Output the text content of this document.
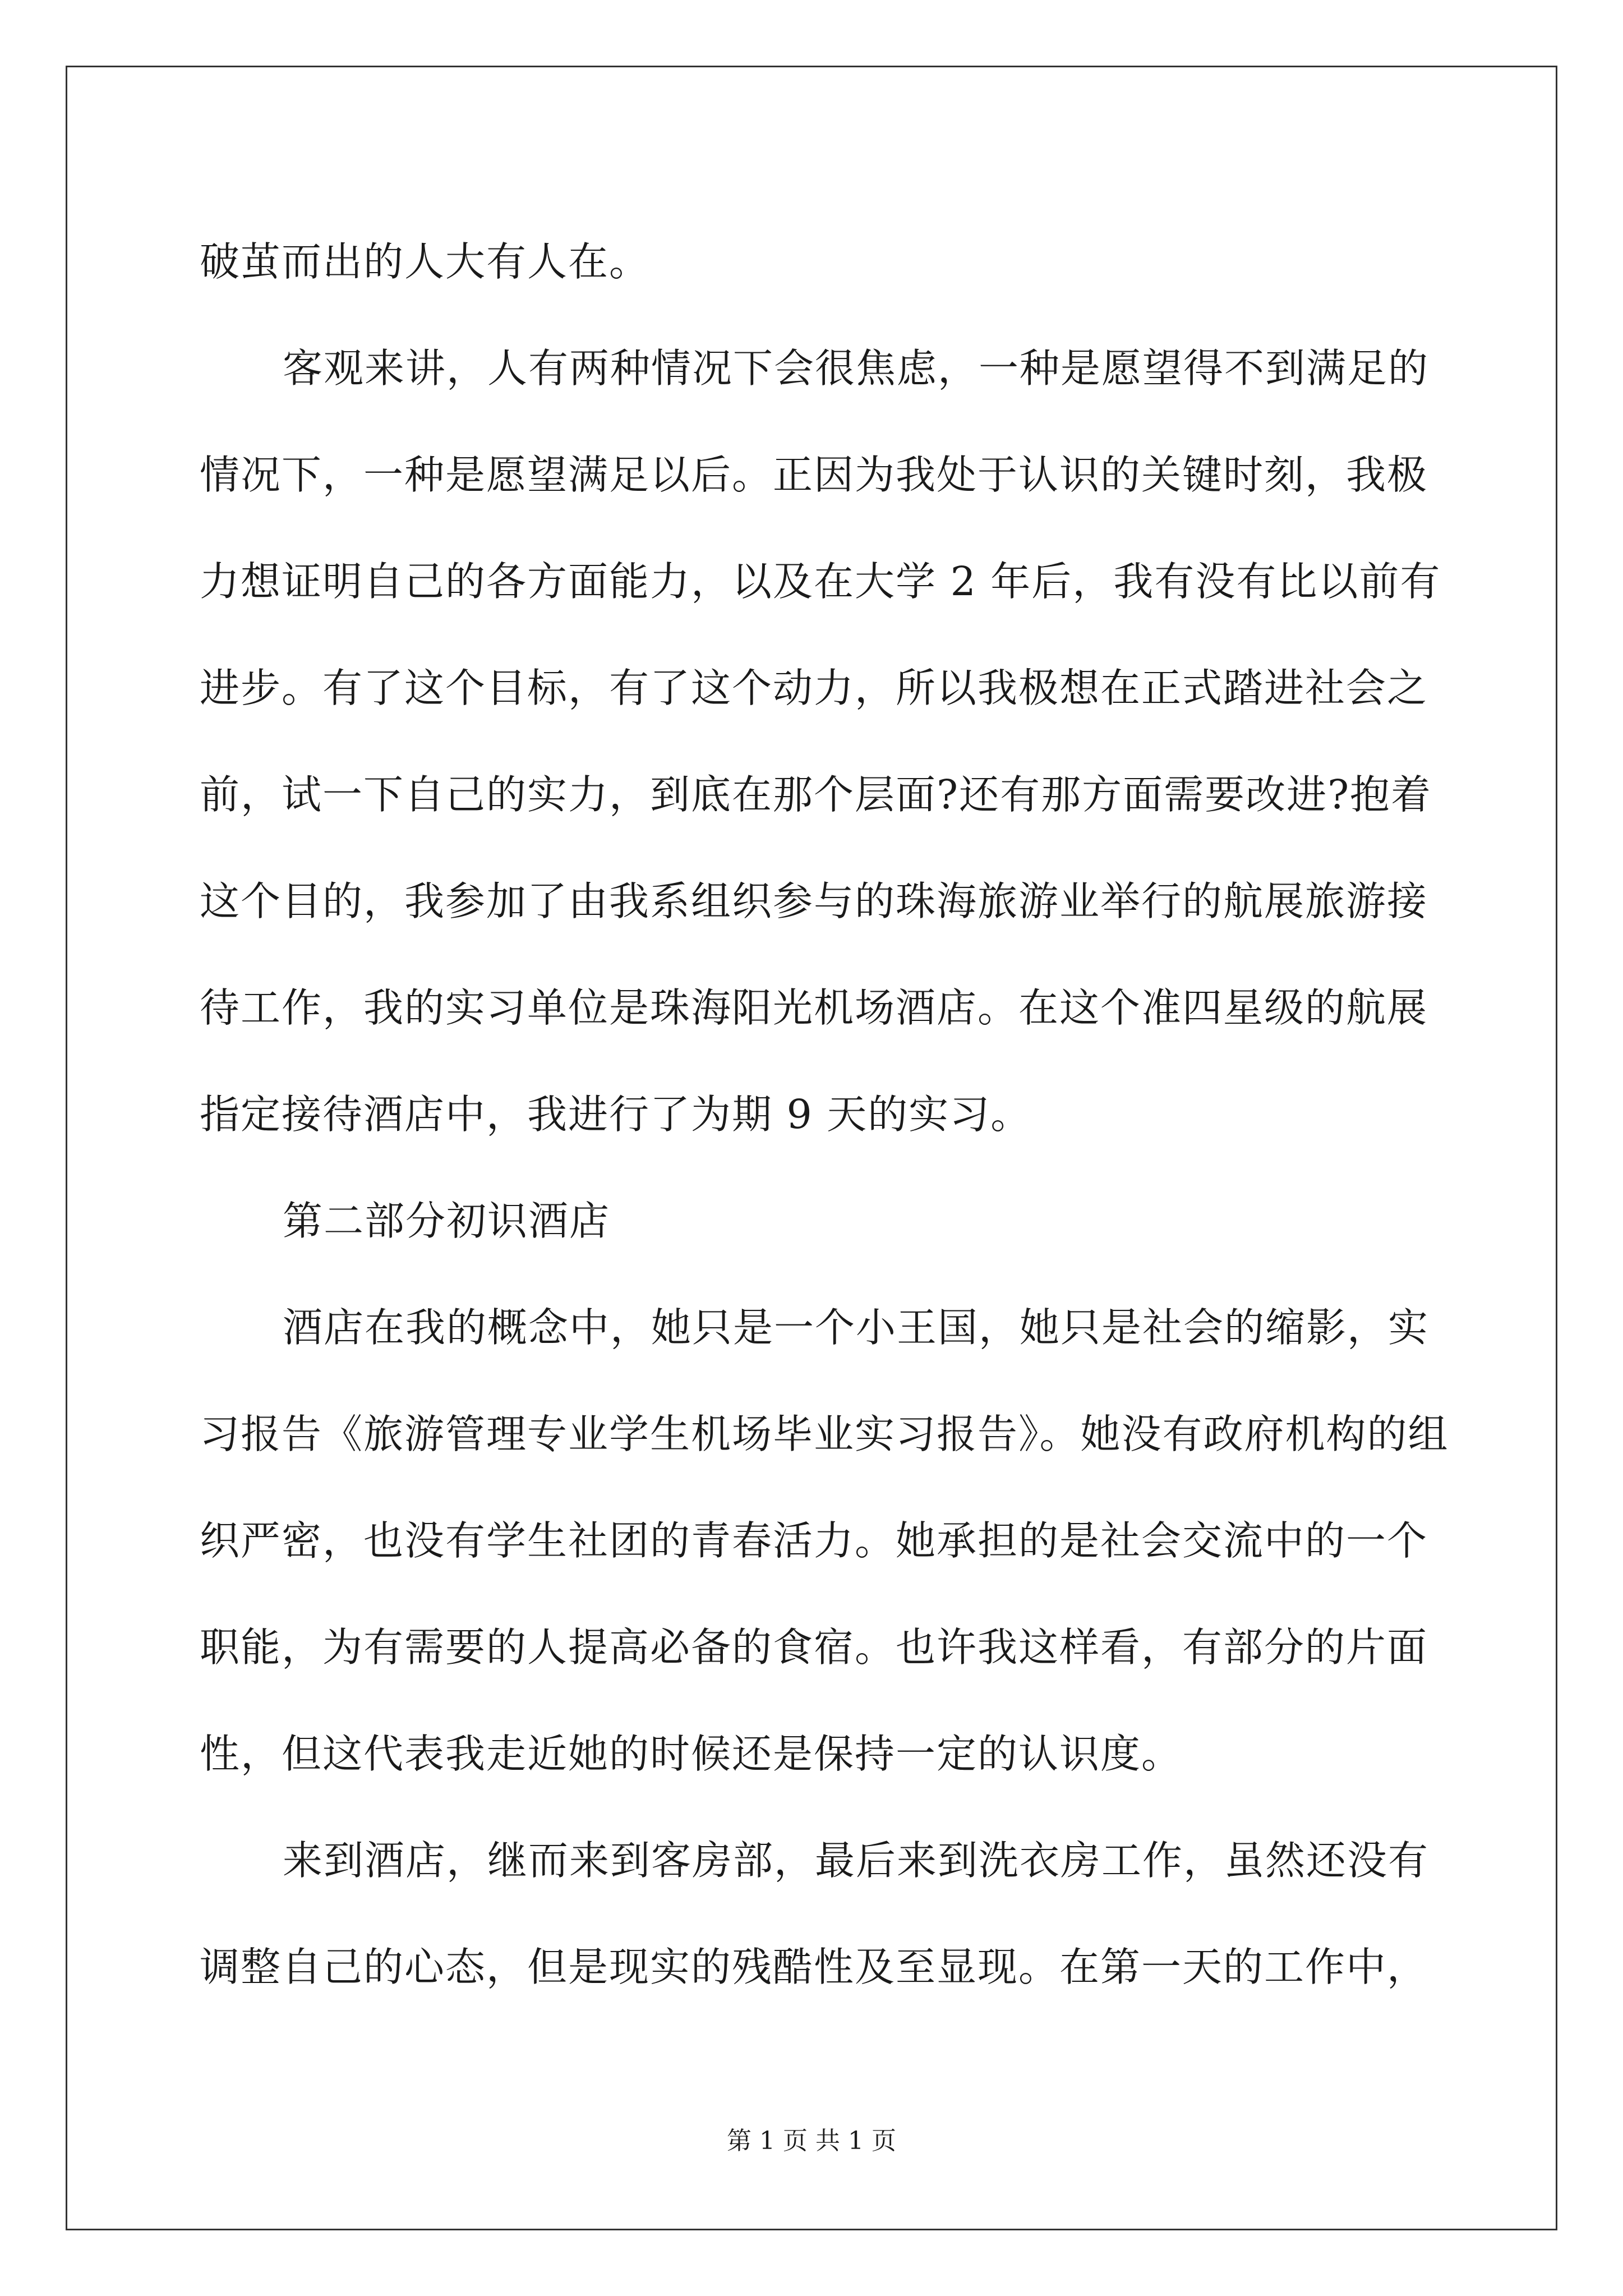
破茧而出的人大有人在。
客观来讲，人有两种情况下会很焦虑，一种是愿望得不到满足的
情况下，一种是愿望满足以后。正因为我处于认识的关键时刻，我极
力想证明自己的各方面能力，以及在大学 2 年后，我有没有比以前有
进步。有了这个目标，有了这个动力，所以我极想在正式踏进社会之
前，试一下自己的实力，到底在那个层面?还有那方面需要改进?抱着
这个目的，我参加了由我系组织参与的珠海旅游业举行的航展旅游接
待工作，我的实习单位是珠海阳光机场酒店。在这个准四星级的航展
指定接待酒店中，我进行了为期 9 天的实习。
第二部分初识酒店
酒店在我的概念中，她只是一个小王国，她只是社会的缩影，实
习报告《旅游管理专业学生机场毕业实习报告》。她没有政府机构的组
织严密，也没有学生社团的青春活力。她承担的是社会交流中的一个
职能，为有需要的人提高必备的食宿。也许我这样看，有部分的片面
性，但这代表我走近她的时候还是保持一定的认识度。
来到酒店，继而来到客房部，最后来到洗衣房工作，虽然还没有
调整自己的心态，但是现实的残酷性及至显现。在第一天的工作中，
第 1 页 共 1 页
